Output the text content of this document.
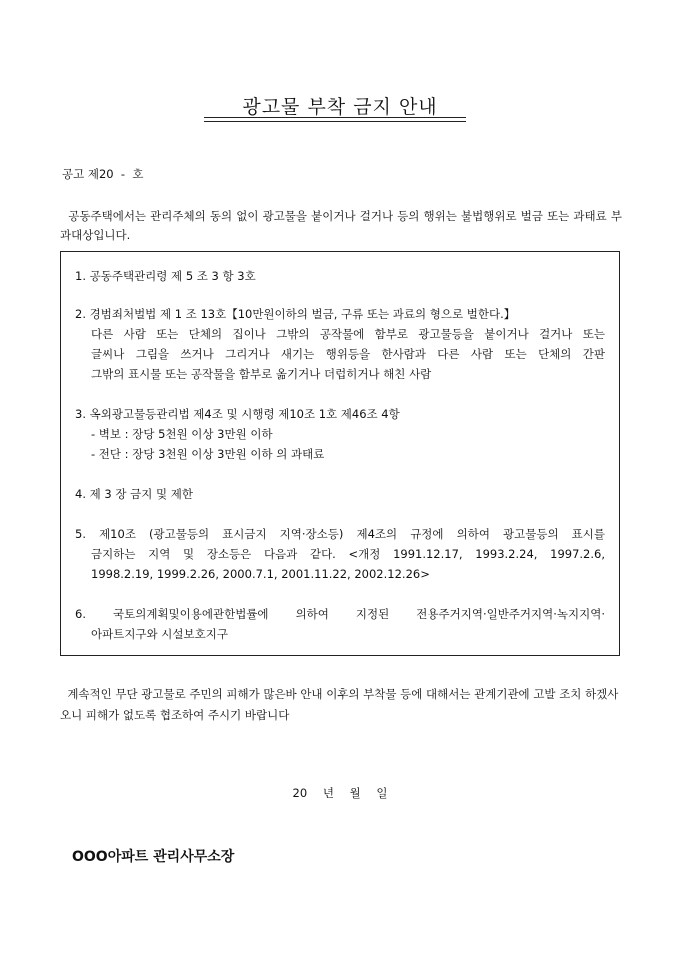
광고물 부착 금지 안내
공고 제20  -  호
공동주택에서는 관리주체의 동의 없이 광고물을 붙이거나 걸거나 등의 행위는 불법행위로 벌금 또는 과태료 부과대상입니다.
1. 공동주택관리령 제 5 조 3 항 3호
2. 경범죄처벌법 제 1 조 13호【10만원이하의 벌금, 구류 또는 과료의 형으로 벌한다.】
다른 사람 또는 단체의 집이나 그밖의 공작물에 함부로 광고물등을 붙이거나 걸거나 또는
글씨나 그림을 쓰거나 그리거나 새기는 행위등을 한사람과 다른 사람 또는 단체의 간판
그밖의 표시물 또는 공작물을 함부로 옮기거나 더럽히거나 해친 사람
3. 옥외광고물등관리법 제4조 및 시행령 제10조 1호 제46조 4항
- 벽보 : 장당 5천원 이상 3만원 이하
- 전단 : 장당 3천원 이상 3만원 이하 의 과태료
4. 제 3 장 금지 및 제한
5. 제10조 (광고물등의 표시금지 지역·장소등) 제4조의 규정에 의하여 광고물등의 표시를
금지하는 지역 및 장소등은 다음과 같다. <개정 1991.12.17, 1993.2.24, 1997.2.6,
1998.2.19, 1999.2.26, 2000.7.1, 2001.11.22, 2002.12.26>
6. 국토의계획및이용에관한법률에 의하여 지정된 전용주거지역·일반주거지역·녹지지역·
아파트지구와 시설보호지구
계속적인 무단 광고물로 주민의 피해가 많은바 안내 이후의 부착물 등에 대해서는 관계기관에 고발 조치 하겠사오니 피해가 없도록 협조하여 주시기 바랍니다
20 년 월 일
OOO아파트 관리사무소장
